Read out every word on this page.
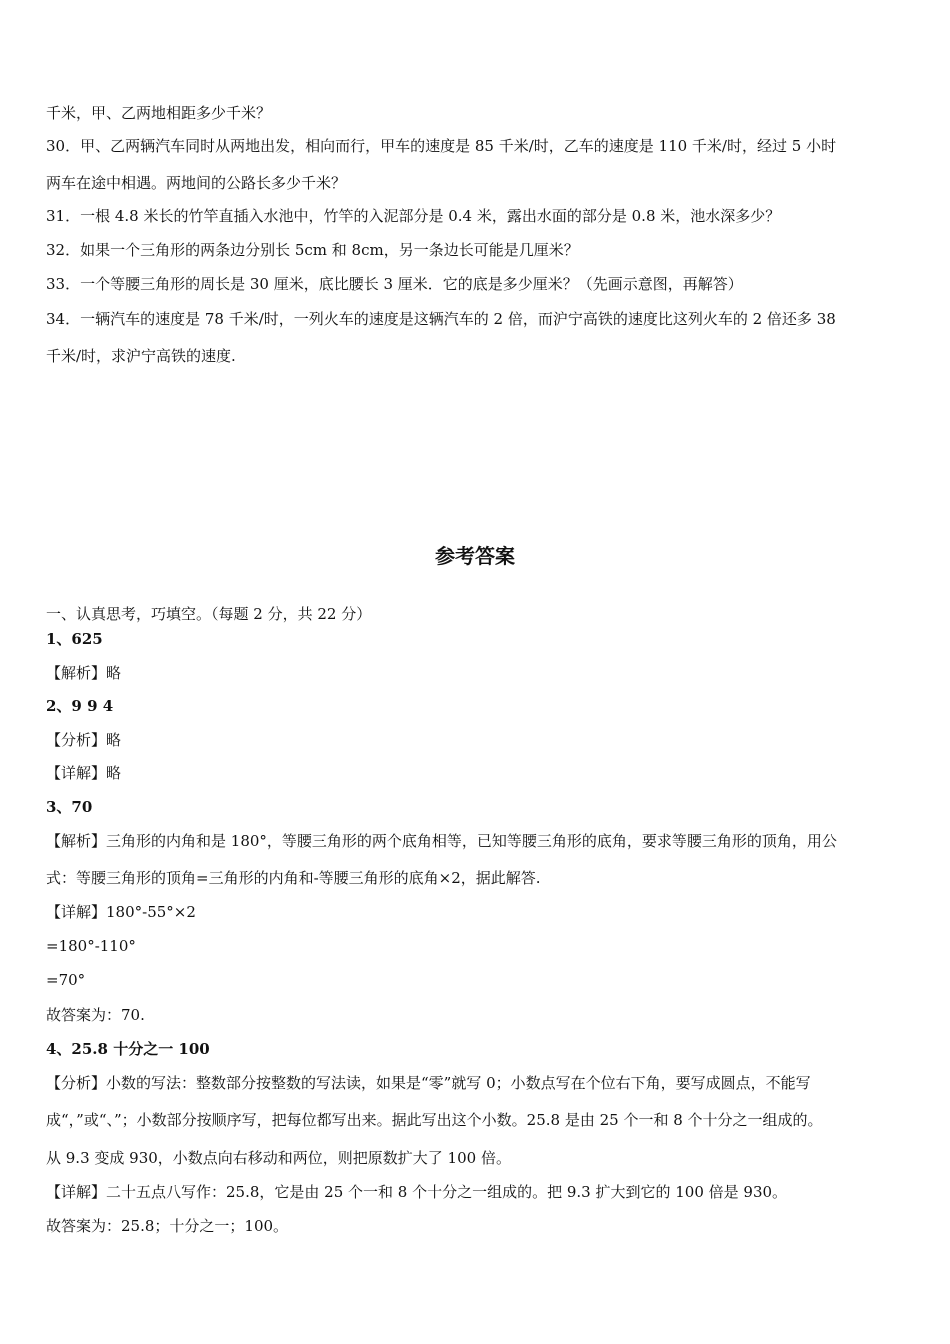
千米，甲、乙两地相距多少千米？

30．甲、乙两辆汽车同时从两地出发，相向而行，甲车的速度是 85 千米/时，乙车的速度是 110 千米/时，经过 5 小时

两车在途中相遇。两地间的公路长多少千米？

31．一根 4.8 米长的竹竿直插入水池中，竹竿的入泥部分是 0.4 米，露出水面的部分是 0.8 米，池水深多少？

32．如果一个三角形的两条边分别长 5cm 和 8cm，另一条边长可能是几厘米？

33．一个等腰三角形的周长是 30 厘米，底比腰长 3 厘米．它的底是多少厘米？（先画示意图，再解答）

34．一辆汽车的速度是 78 千米/时，一列火车的速度是这辆汽车的 2 倍，而沪宁高铁的速度比这列火车的 2 倍还多 38

千米/时，求沪宁高铁的速度.

参考答案

一、认真思考，巧填空。（每题 2 分，共 22 分）

1、625

【解析】略

2、9 9 4

【分析】略

【详解】略

3、70

【解析】三角形的内角和是 180°，等腰三角形的两个底角相等，已知等腰三角形的底角，要求等腰三角形的顶角，用公

式：等腰三角形的顶角=三角形的内角和-等腰三角形的底角×2，据此解答.

【详解】180°-55°×2

=180°-110°

=70°

故答案为：70.

4、25.8 十分之一 100

【分析】小数的写法：整数部分按整数的写法读，如果是“零”就写 0；小数点写在个位右下角，要写成圆点，不能写

成“，”或“、”；小数部分按顺序写，把每位都写出来。据此写出这个小数。25.8 是由 25 个一和 8 个十分之一组成的。

从 9.3 变成 930，小数点向右移动和两位，则把原数扩大了 100 倍。

【详解】二十五点八写作：25.8，它是由 25 个一和 8 个十分之一组成的。把 9.3 扩大到它的 100 倍是 930。

故答案为：25.8；十分之一；100。
